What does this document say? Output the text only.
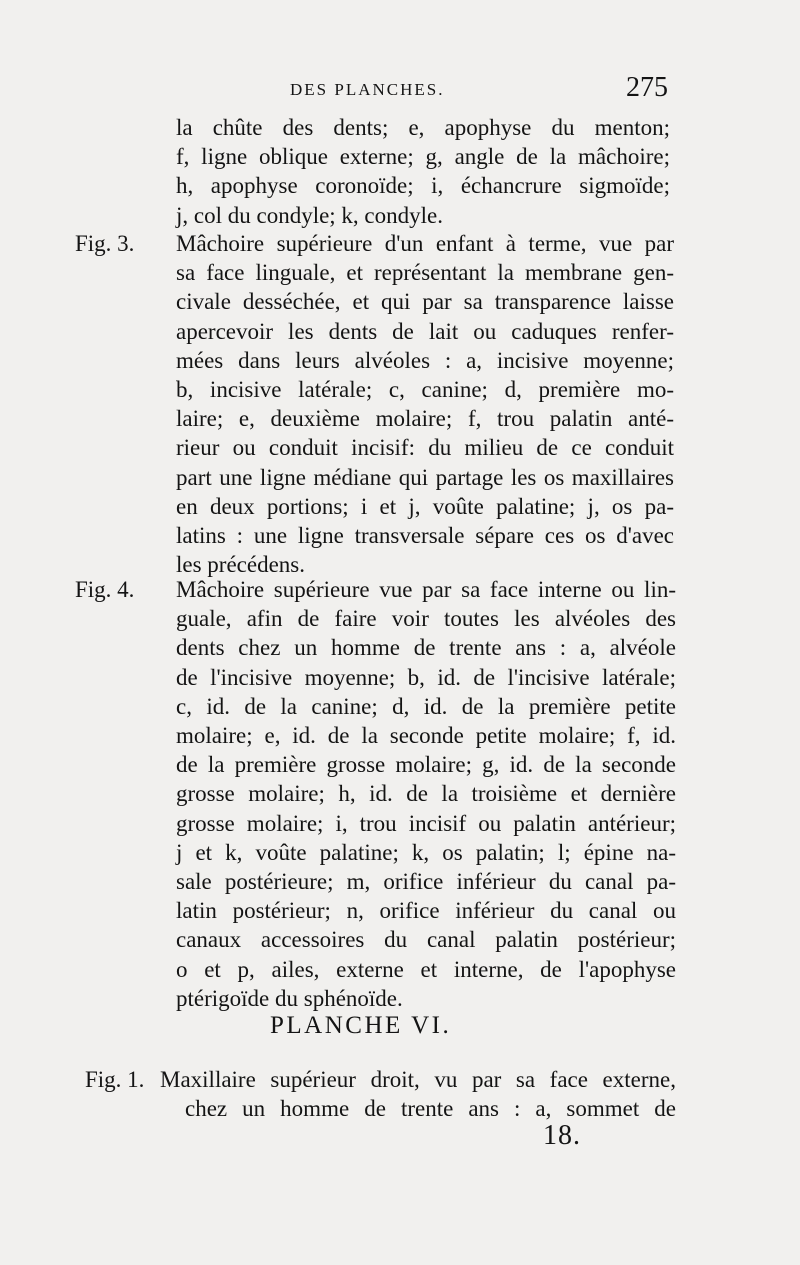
DES PLANCHES.	275
la chûte des dents; e, apophyse du menton;
f, ligne oblique externe; g, angle de la mâchoire;
h, apophyse coronoïde; i, échancrure sigmoïde;
j, col du condyle; k, condyle.
Fig. 3. Mâchoire supérieure d'un enfant à terme, vue par
sa face linguale, et représentant la membrane gen-
civale desséchée, et qui par sa transparence laisse
apercevoir les dents de lait ou caduques renfer-
mées dans leurs alvéoles : a, incisive moyenne;
b, incisive latérale; c, canine; d, première mo-
laire; e, deuxième molaire; f, trou palatin anté-
rieur ou conduit incisif: du milieu de ce conduit
part une ligne médiane qui partage les os maxillaires
en deux portions; i et j, voûte palatine; j, os pa-
latins : une ligne transversale sépare ces os d'avec
les précédens.
Fig. 4. Mâchoire supérieure vue par sa face interne ou lin-
guale, afin de faire voir toutes les alvéoles des
dents chez un homme de trente ans : a, alvéole
de l'incisive moyenne; b, id. de l'incisive latérale;
c, id. de la canine; d, id. de la première petite
molaire; e, id. de la seconde petite molaire; f, id.
de la première grosse molaire; g, id. de la seconde
grosse molaire; h, id. de la troisième et dernière
grosse molaire; i, trou incisif ou palatin antérieur;
j et k, voûte palatine; k, os palatin; l; épine na-
sale postérieure; m, orifice inférieur du canal pa-
latin postérieur; n, orifice inférieur du canal ou
canaux accessoires du canal palatin postérieur;
o et p, ailes, externe et interne, de l'apophyse
ptérigoïde du sphénoïde.
PLANCHE VI.
Fig. 1. Maxillaire supérieur droit, vu par sa face externe,
chez un homme de trente ans : a, sommet de
18.
